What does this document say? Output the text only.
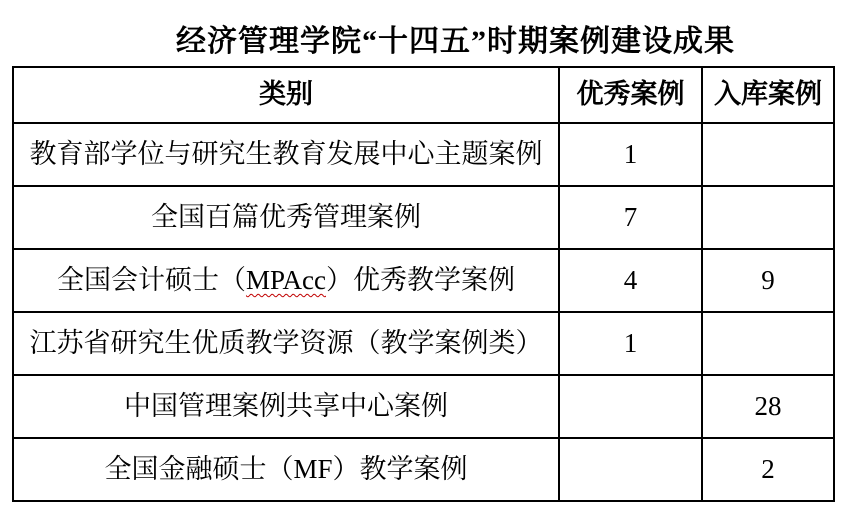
经济管理学院“十四五”时期案例建设成果
类别	优秀案例	入库案例
教育部学位与研究生教育发展中心主题案例	1	
全国百篇优秀管理案例	7	
全国会计硕士（MPAcc）优秀教学案例	4	9
江苏省研究生优质教学资源（教学案例类）	1	
中国管理案例共享中心案例		28
全国金融硕士（MF）教学案例		2
